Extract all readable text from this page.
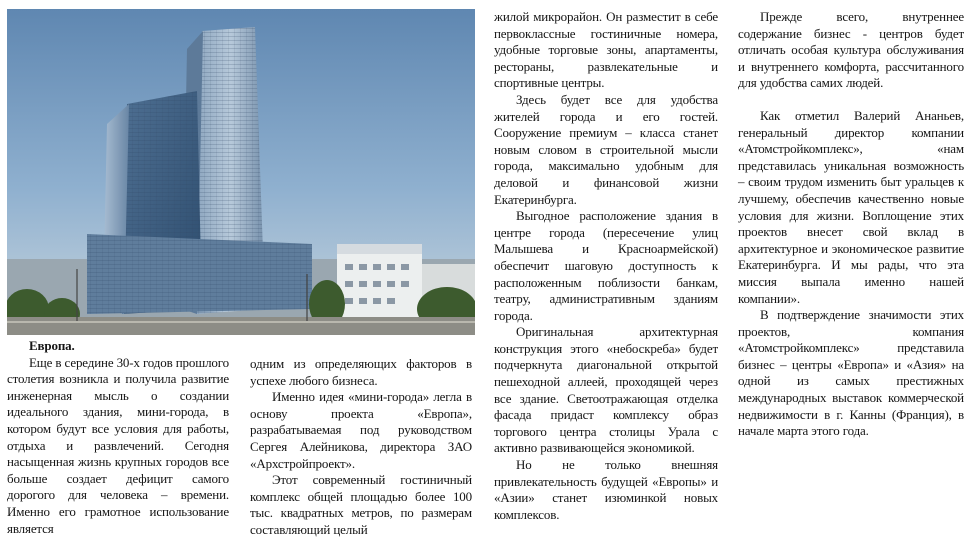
Европа.

Еще в середине 30-х годов прошлого столетия возникла и получила развитие инженерная мысль о создании идеального здания, мини-города, в котором будут все условия для работы, отдыха и развлечений. Сегодня насыщенная жизнь крупных городов все больше создает дефицит самого дорогого для человека – времени. Именно его грамотное использование является

одним из определяющих факторов в успехе любого бизнеса.

Именно идея «мини-города» легла в основу проекта «Европа», разрабатываемая под руководством Сергея Алейникова, директора ЗАО «Архстройпроект».

Этот современный гостиничный комплекс общей площадью более 100 тыс. квадратных метров, по размерам составляющий целый

жилой микрорайон. Он разместит в себе первоклассные гостиничные номера, удобные торговые зоны, апартаменты, рестораны, развлекательные и спортивные центры.

Здесь будет все для удобства жителей города и его гостей. Сооружение премиум – класса станет новым словом в строительной мысли города, максимально удобным для деловой и финансовой жизни Екатеринбурга.

Выгодное расположение здания в центре города (пересечение улиц Малышева и Красноармейской) обеспечит шаговую доступность к расположенным поблизости банкам, театру, административным зданиям города.

Оригинальная архитектурная конструкция этого «небоскреба» будет подчеркнута диагональной открытой пешеходной аллеей, проходящей через все здание. Светоотражающая отделка фасада придаст комплексу образ торгового центра столицы Урала с активно развивающейся экономикой.

Но не только внешняя привлекательность будущей «Европы» и «Азии» станет изюминкой новых комплексов.

Прежде всего, внутреннее содержание бизнес - центров будет отличать особая культура обслуживания и внутреннего комфорта, рассчитанного для удобства самих людей.

Как отметил Валерий Ананьев, генеральный директор компании «Атомстройкомплекс», «нам представилась уникальная возможность – своим трудом изменить быт уральцев к лучшему, обеспечив качественно новые условия для жизни. Воплощение этих проектов внесет свой вклад в архитектурное и экономическое развитие Екатеринбурга. И мы рады, что эта миссия выпала именно нашей компании».

В подтверждение значимости этих проектов, компания «Атомстройкомплекс» представила бизнес – центры «Европа» и «Азия» на одной из самых престижных международных выставок коммерческой недвижимости в г. Канны (Франция), в начале марта этого года.
